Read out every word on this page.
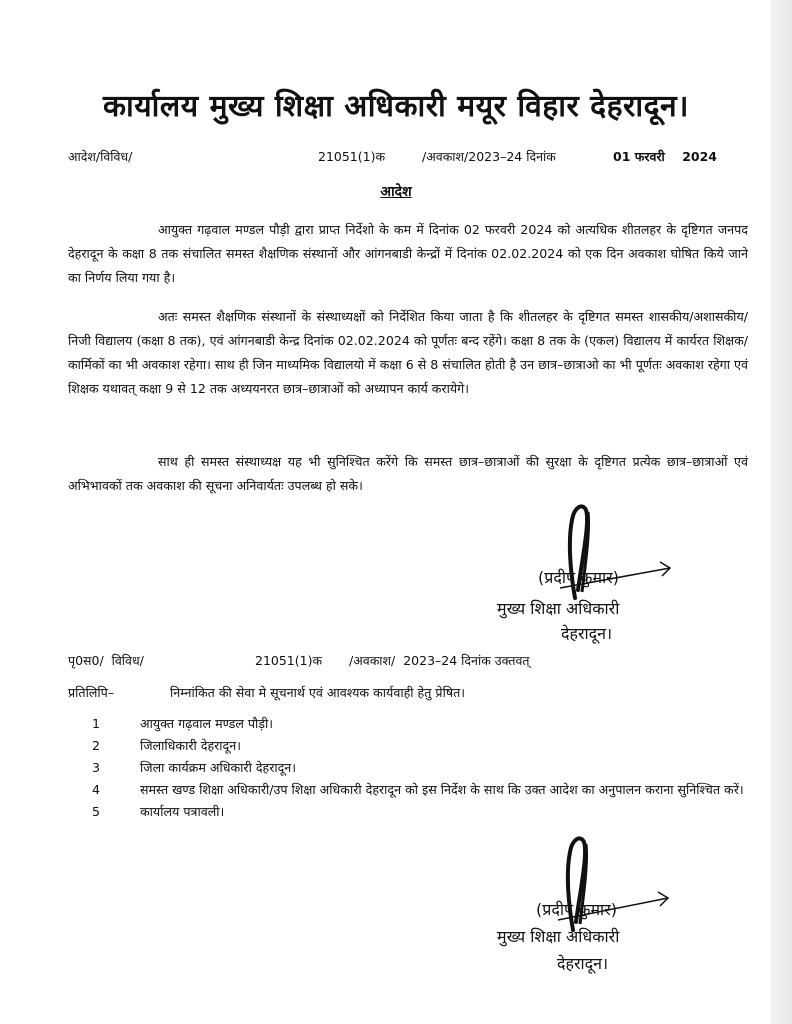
कार्यालय मुख्य शिक्षा अधिकारी मयूर विहार देहरादून।
आदेश/विविध/	21051(1)क	/अवकाश/2023–24 दिनांक	01 फरवरी    2024
आदेश
आयुक्त गढ़वाल मण्डल पौड़ी द्वारा प्राप्त निर्देशो के कम में दिनांक 02 फरवरी 2024 को अत्यधिक शीतलहर के दृष्टिगत जनपद देहरादून के कक्षा 8 तक संचालित समस्त शैक्षणिक संस्थानों और आंगनबाडी केन्द्रों में दिनांक 02.02.2024 को एक दिन अवकाश घोषित किये जाने का निर्णय लिया गया है।
अतः समस्त शैक्षणिक संस्थानों के संस्थाध्यक्षों को निर्देशित किया जाता है कि शीतलहर के दृष्टिगत समस्त शासकीय/अशासकीय/निजी विद्यालय (कक्षा 8 तक), एवं आंगनबाडी केन्द्र दिनांक 02.02.2024 को पूर्णतः बन्द रहेंगे। कक्षा 8 तक के (एकल) विद्यालय में कार्यरत शिक्षक/कार्मिकों का भी अवकाश रहेगा। साथ ही जिन माध्यमिक विद्यालयो में कक्षा 6 से 8 संचालित होती है उन छात्र–छात्राओ का भी पूर्णतः अवकाश रहेगा एवं शिक्षक यथावत् कक्षा 9 से 12 तक अध्ययनरत छात्र–छात्राओं को अध्यापन कार्य करायेगे।
साथ ही समस्त संस्थाध्यक्ष यह भी सुनिश्चित करेंगे कि समस्त छात्र–छात्राओं की सुरक्षा के दृष्टिगत प्रत्येक छात्र–छात्राओं एवं अभिभावकों तक अवकाश की सूचना अनिवार्यतः उपलब्ध हो सके।
(प्रदीप कुमार)
मुख्य शिक्षा अधिकारी
देहरादून।
पृ0स0/  विविध/	21051(1)क /अवकाश/  2023–24 दिनांक उक्तवत्
प्रतिलिपि–	निम्नांकित की सेवा मे सूचनार्थ एवं आवश्यक कार्यवाही हेतु प्रेषित।
1	आयुक्त गढ़वाल मण्डल पौड़ी।
2	जिलाधिकारी देहरादून।
3	जिला कार्यक्रम अधिकारी देहरादून।
4	समस्त खण्ड शिक्षा अधिकारी/उप शिक्षा अधिकारी देहरादून को इस निर्देश के साथ कि उक्त आदेश का अनुपालन कराना सुनिश्चित करें।
5	कार्यालय पत्रावली।
(प्रदीप कुमार)
मुख्य शिक्षा अधिकारी
देहरादून।
